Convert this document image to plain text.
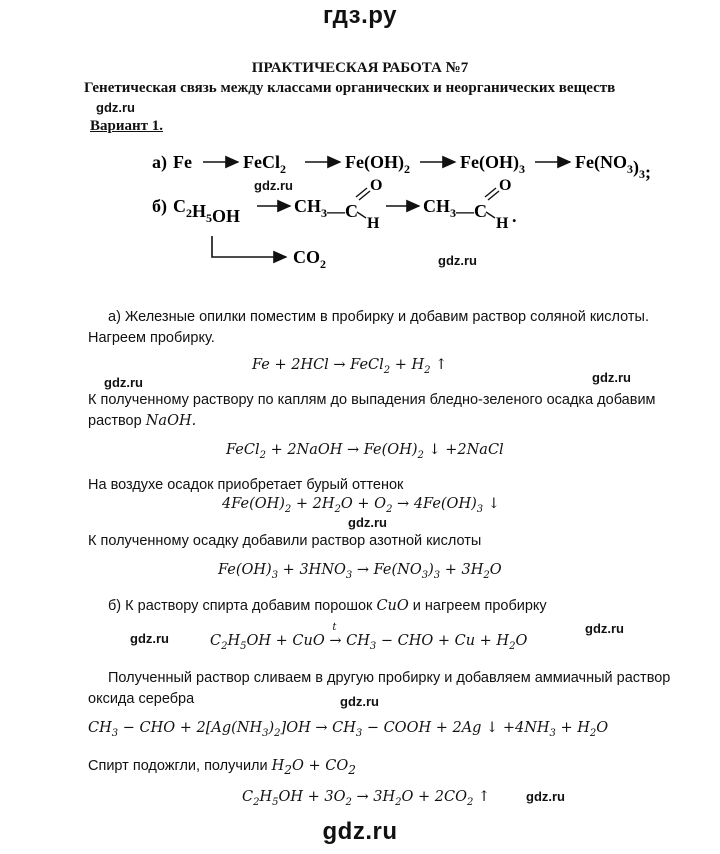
гдз.ру
gdz.ru
ПРАКТИЧЕСКАЯ РАБОТА №7
Генетическая связь между классами органических и неорганических веществ
Вариант 1.
gdz.ru
gdz.ru
gdz.ru
gdz.ru	gdz.ru
gdz.ru
gdz.ru
gdz.ru
gdz.ru
gdz.ru
а) Fe	FeCl$_2$	$Fe(OH)_2$	$Fe(OH)_3$	$Fe(NO_3)_3$;
б) $C_2H_5OH$	$CH_3—C$
O
H
$CH_3—C$
O
H .
$CO_2$
а) Железные опилки поместим в пробирку и добавим раствор соляной кислоты.
Нагреем пробирку.
Fe + 2HCl → FeCl$_2$ + $H_2$ ↑
К полученному раствору по каплям до выпадения бледно-зеленого осадка добавим
раствор NaOH.
FeCl$_2$ + 2NaOH → $Fe(OH)_2$ ↓ +2NaCl
На воздухе осадок приобретает бурый оттенок
$4Fe(OH)_2 + 2H_2O + O_2 \to 4Fe(OH)_3$ ↓
К полученному осадку добавили раствор азотной кислоты
$Fe(OH)_3 + 3HNO_3 \to Fe(NO_3)_3 + 3H_2O$
б) К раствору спирта добавим порошок CuO и нагреем пробирку
$C_2H_5OH$ + CuO →
t
$CH_3$ − CHO + $Cu + H_2O$
Полученный раствор сливаем в другую пробирку и добавляем аммиачный раствор
оксида серебра
$CH_3$ − CHO + $2[Ag(NH_3)_2]OH \to CH_3$ − COOH + 2Ag ↓ $+4NH_3 + H_2O$
Спирт подожгли, получили $H_2O + CO_2$
$C_2H_5OH + 3O_2 \to 3H_2O + 2CO_2$ ↑
